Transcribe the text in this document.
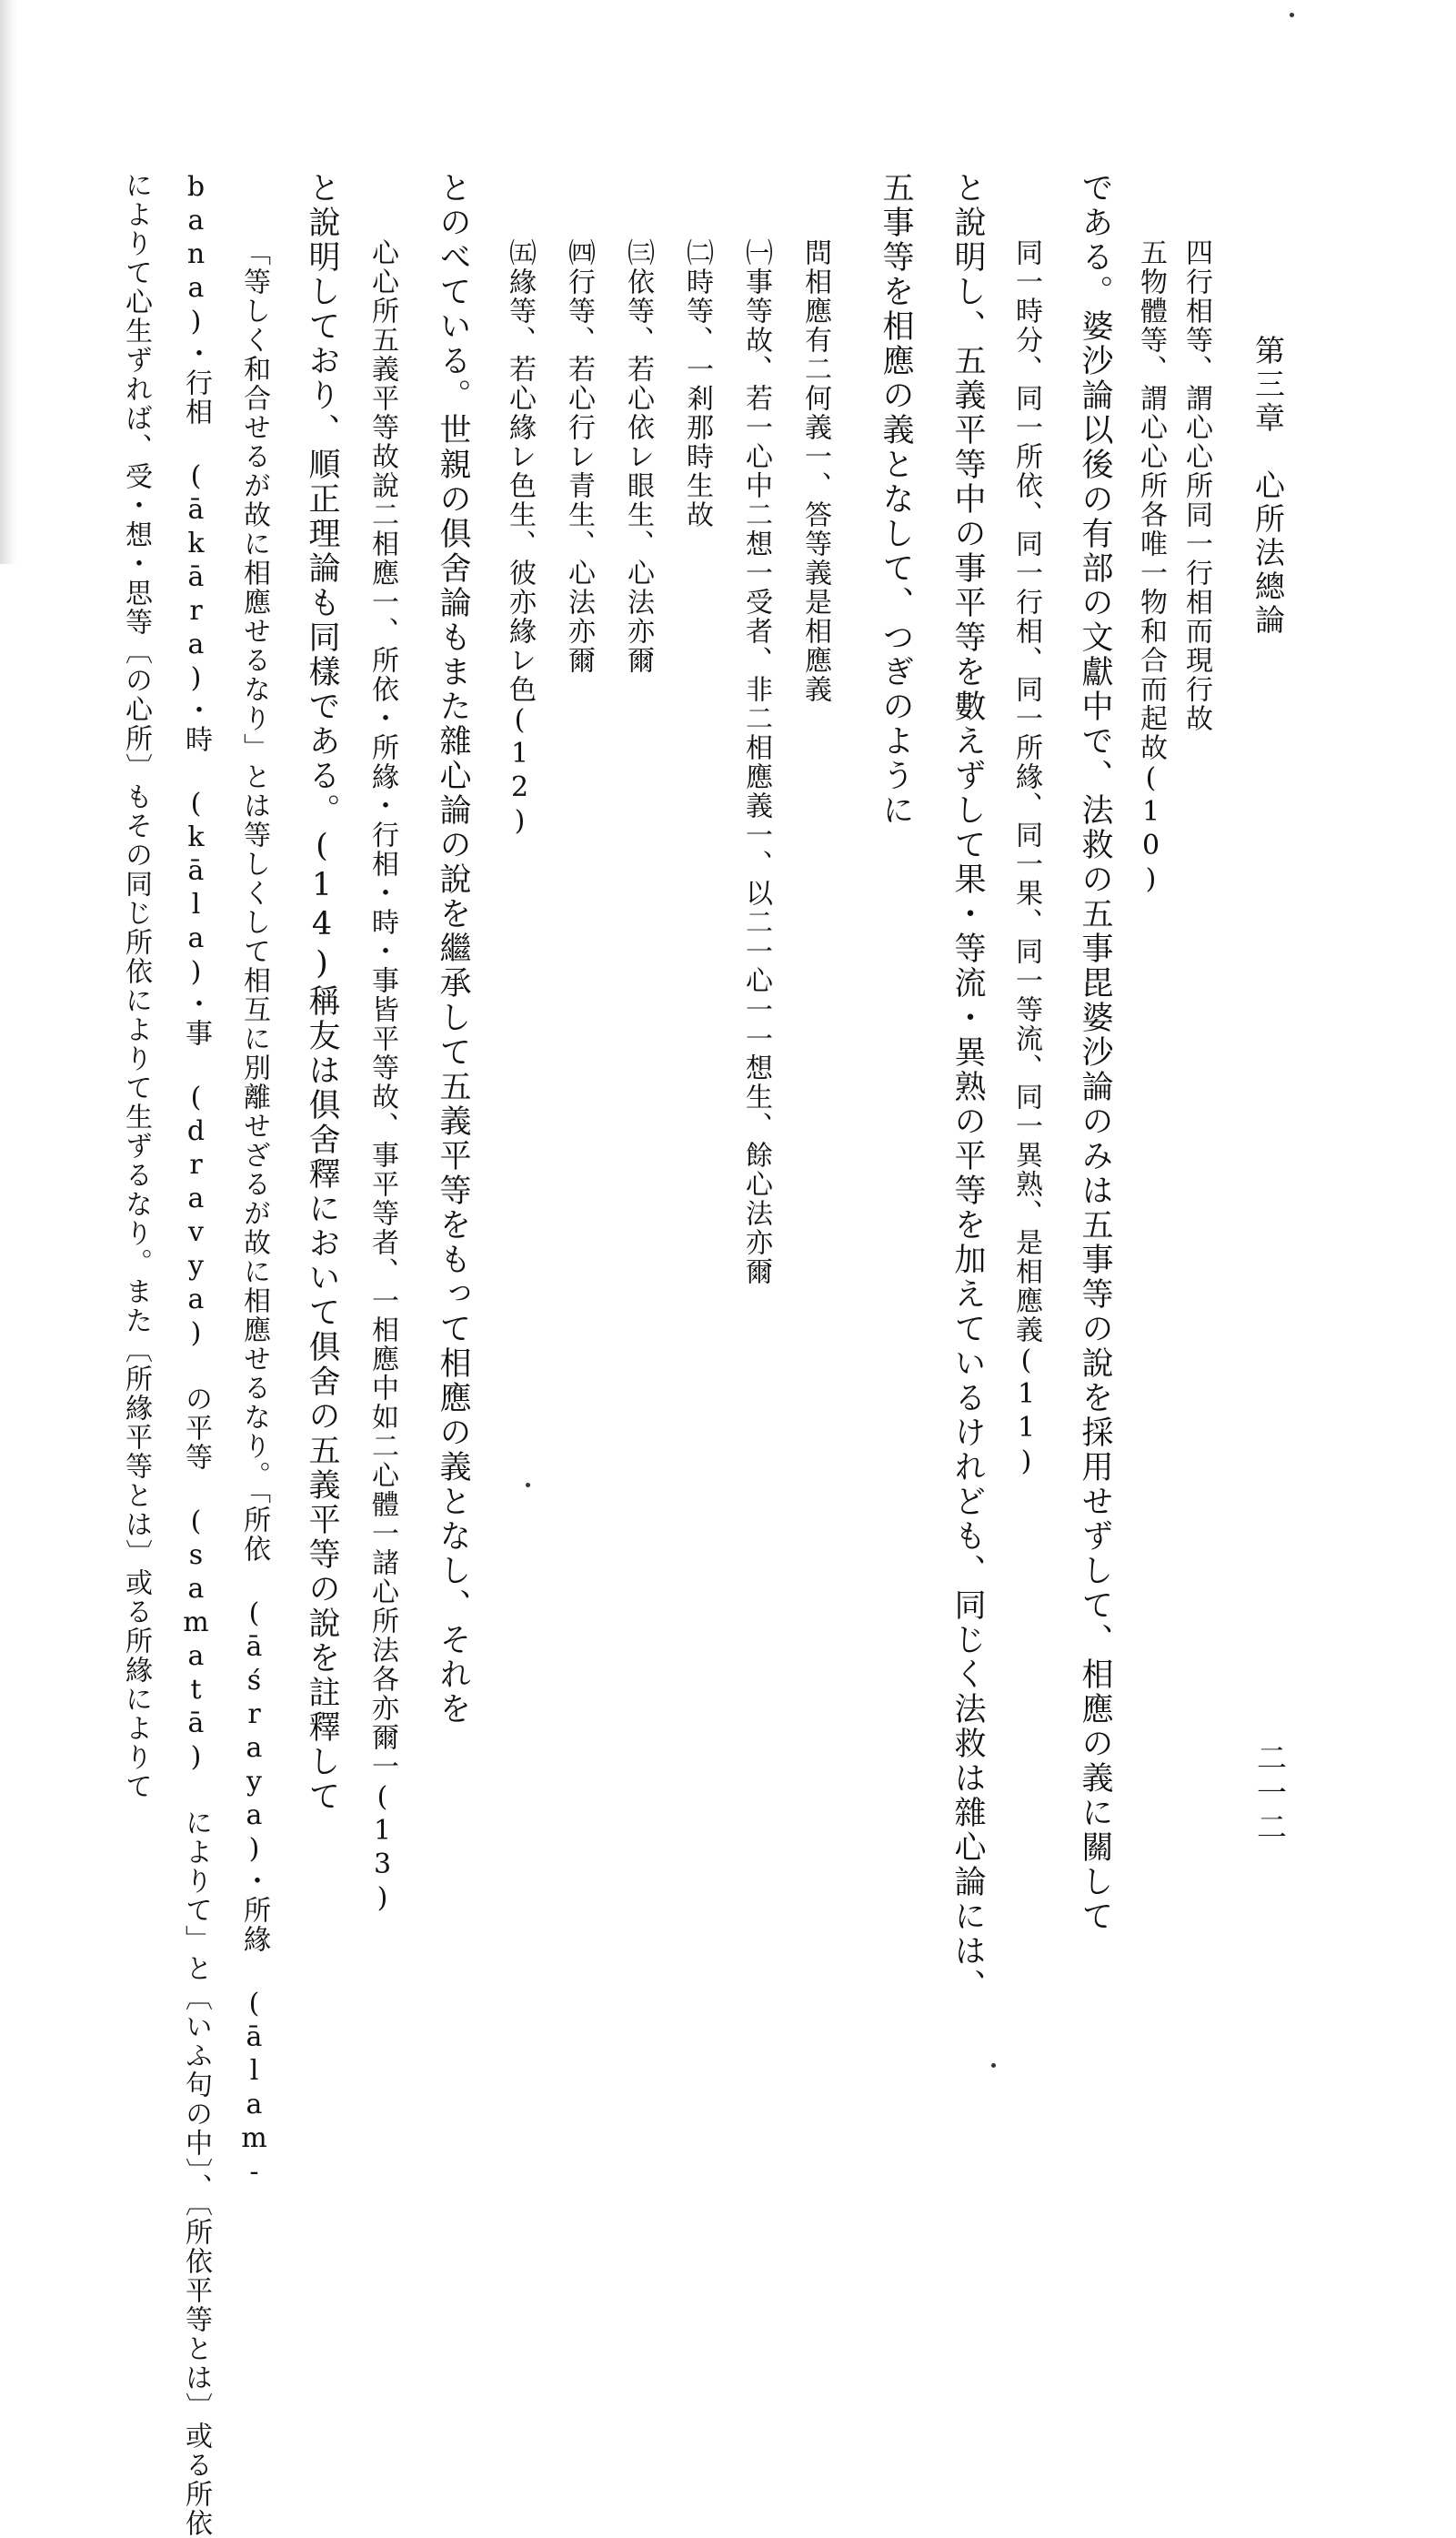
第三章　心所法總論

二一二

四行相等、謂心心所同一行相而現行故

五物體等、謂心心所各唯一物和合而起故(10)

である。婆沙論以後の有部の文獻中で、法救の五事毘婆沙論のみは五事等の說を採用せずして、相應の義に關して

同一時分、同一所依、同一行相、同一所緣、同一果、同一等流、同一異熟、是相應義(11)

と說明し、五義平等中の事平等を數えずして果・等流・異熟の平等を加えているけれども、同じく法救は雜心論には、

五事等を相應の義となして、つぎのように

問相應有二何義一、答等義是相應義

㈠事等故、若一心中二想一受者、非二相應義一、以二一心一一想生、餘心法亦爾

㈡時等、一剎那時生故

㈢依等、若心依レ眼生、心法亦爾

㈣行等、若心行レ青生、心法亦爾

㈤緣等、若心緣レ色生、彼亦緣レ色(12)

とのべている。世親の俱舍論もまた雜心論の說を繼承して五義平等をもって相應の義となし、それを

心心所五義平等故說二相應一、所依・所緣・行相・時・事皆平等故、事平等者、一相應中如二心體一諸心所法各亦爾一(13)

と說明しており、順正理論も同樣である。(14)稱友は俱舍釋において俱舍の五義平等の說を註釋して

「等しく和合せるが故に相應せるなり」とは等しくして相互に別離せざるが故に相應せるなり。「所依 (āśraya)・所緣 (ālam-

bana)・行相 (ākāra)・時 (kāla)・事 (dravya) の平等 (samatā) によりて」と〔いふ句の中〕、〔所依平等とは〕或る所依

によりて心生ずれば、受・想・思等〔の心所〕もその同じ所依によりて生ずるなり。また〔所緣平等とは〕或る所緣によりて
